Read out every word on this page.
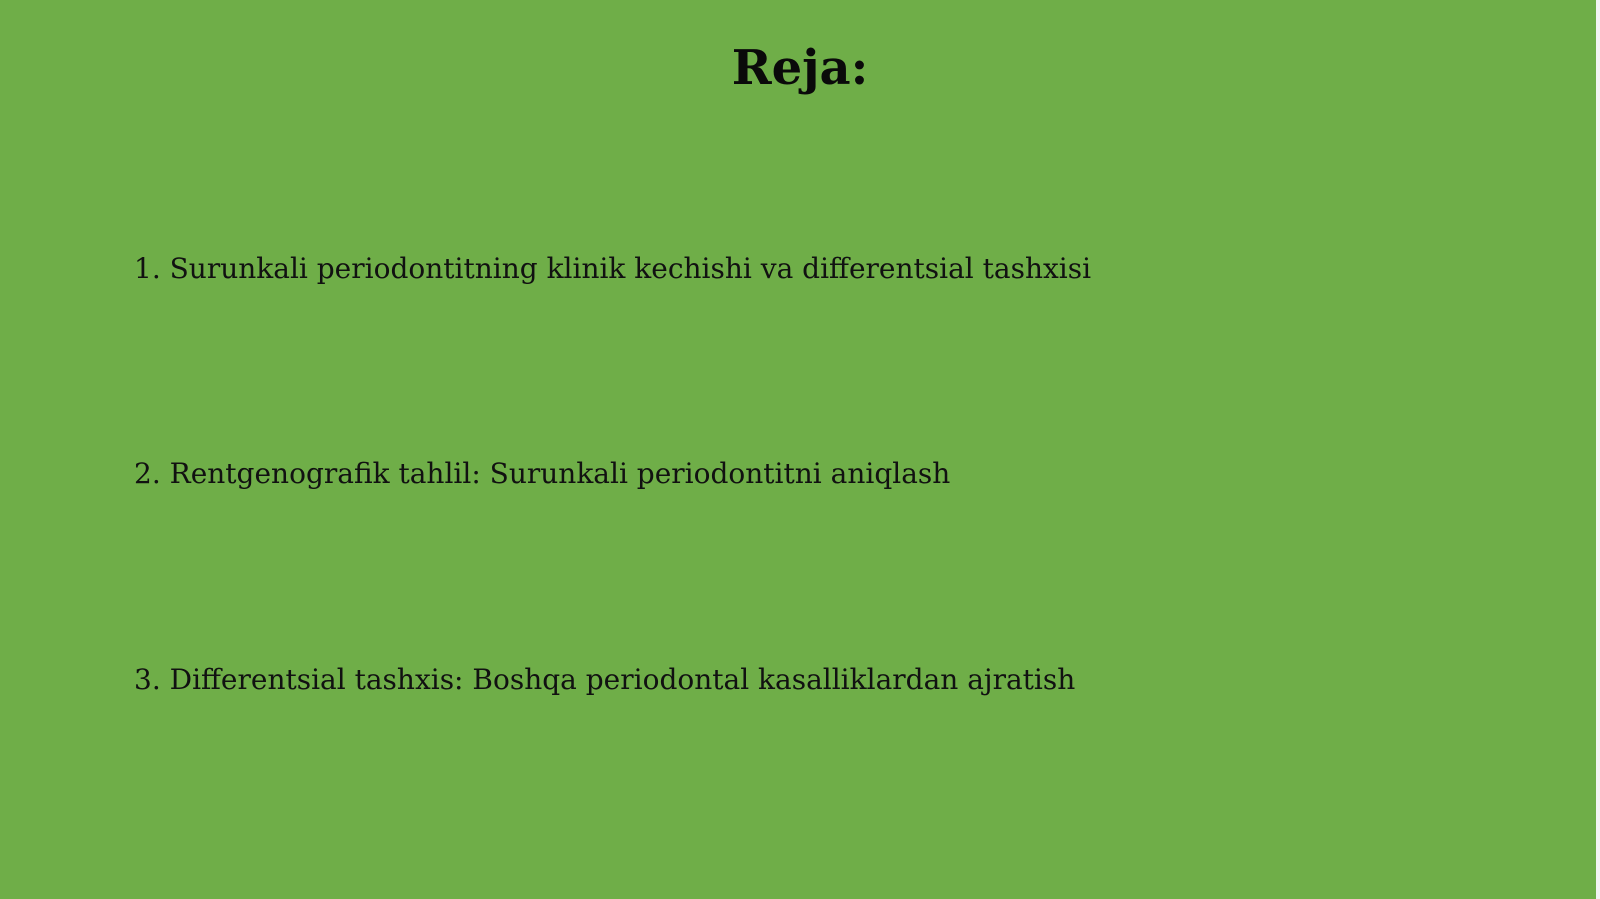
Reja:
1. Surunkali periodontitning klinik kechishi va differentsial tashxisi
2. Rentgenografik tahlil: Surunkali periodontitni aniqlash
3. Differentsial tashxis: Boshqa periodontal kasalliklardan ajratish
